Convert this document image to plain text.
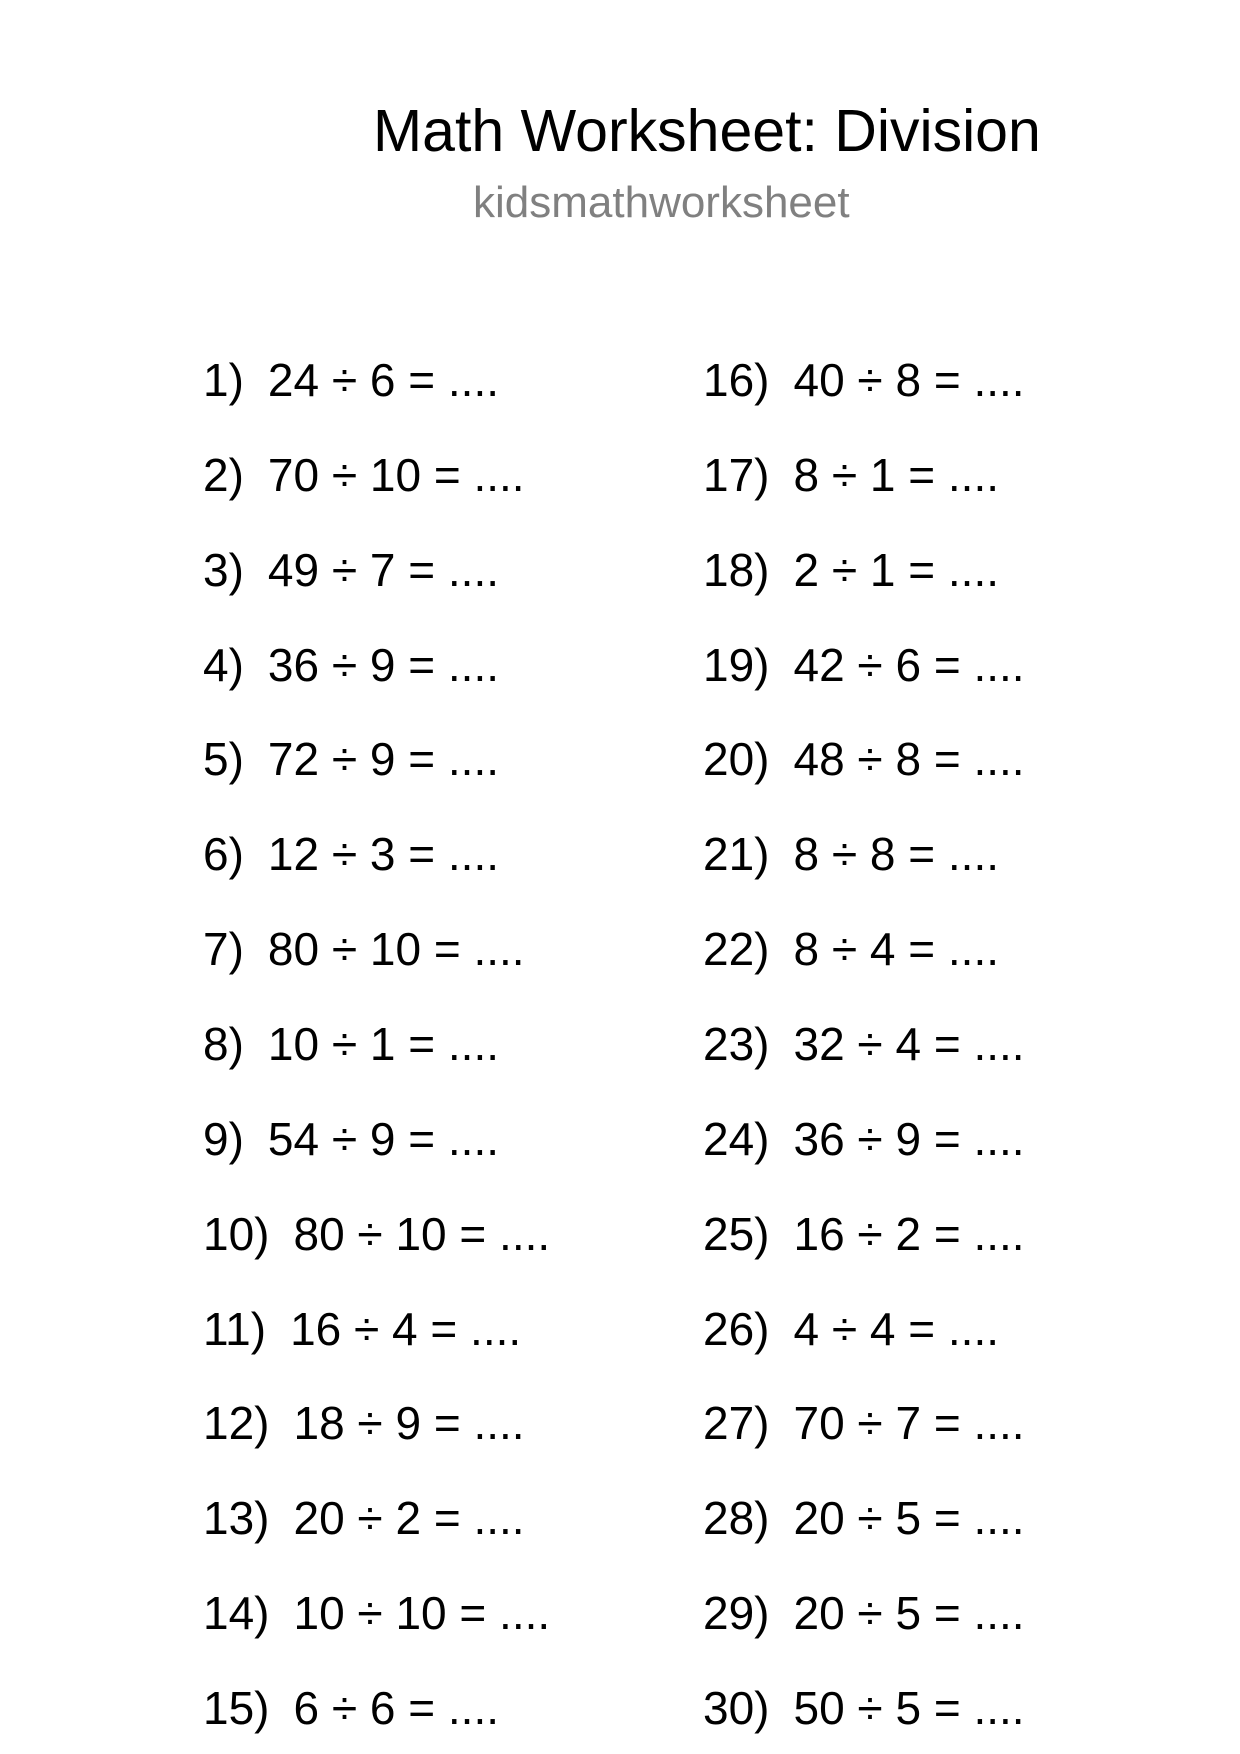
Math Worksheet: Division
kidsmathworksheet
1) 24 ÷ 6 = ....
2) 70 ÷ 10 = ....
3) 49 ÷ 7 = ....
4) 36 ÷ 9 = ....
5) 72 ÷ 9 = ....
6) 12 ÷ 3 = ....
7) 80 ÷ 10 = ....
8) 10 ÷ 1 = ....
9) 54 ÷ 9 = ....
10) 80 ÷ 10 = ....
11) 16 ÷ 4 = ....
12) 18 ÷ 9 = ....
13) 20 ÷ 2 = ....
14) 10 ÷ 10 = ....
15) 6 ÷ 6 = ....
16) 40 ÷ 8 = ....
17) 8 ÷ 1 = ....
18) 2 ÷ 1 = ....
19) 42 ÷ 6 = ....
20) 48 ÷ 8 = ....
21) 8 ÷ 8 = ....
22) 8 ÷ 4 = ....
23) 32 ÷ 4 = ....
24) 36 ÷ 9 = ....
25) 16 ÷ 2 = ....
26) 4 ÷ 4 = ....
27) 70 ÷ 7 = ....
28) 20 ÷ 5 = ....
29) 20 ÷ 5 = ....
30) 50 ÷ 5 = ....
